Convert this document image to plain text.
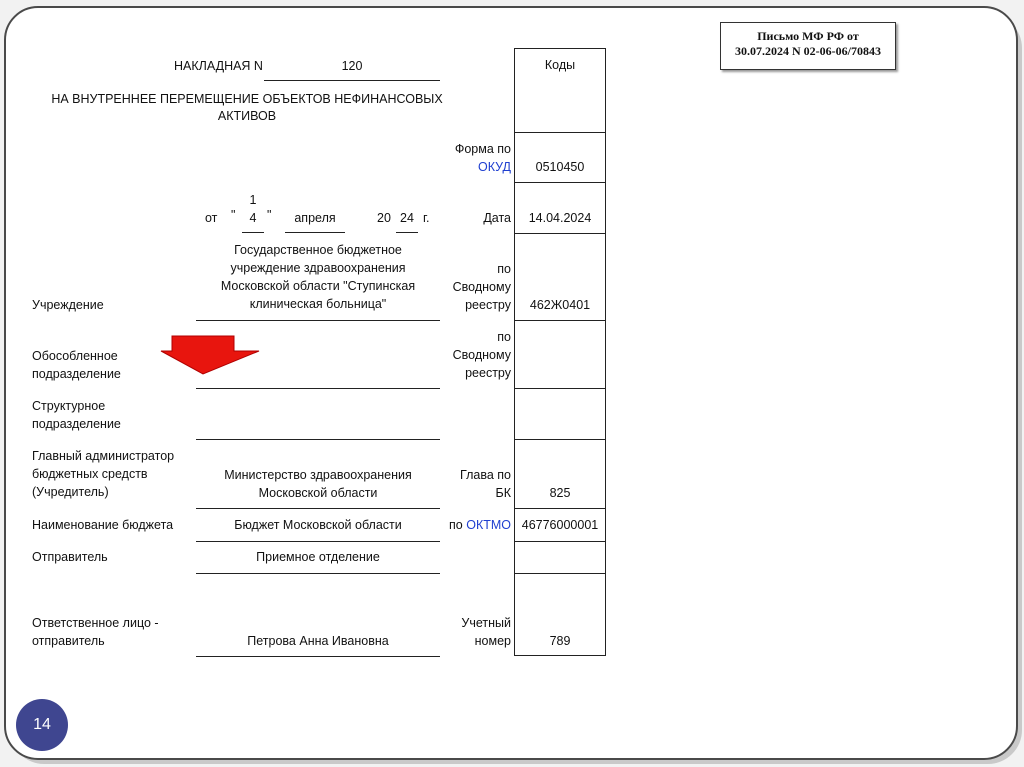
Письмо МФ РФ от
30.07.2024 N 02-06-06/70843
НАКЛАДНАЯ N	120
НА ВНУТРЕННЕЕ ПЕРЕМЕЩЕНИЕ ОБЪЕКТОВ НЕФИНАНСОВЫХ
АКТИВОВ
Коды
Форма по
ОКУД	0510450
от "
1
4 "	апреля	20 24 г.	Дата	14.04.2024
Учреждение
Государственное бюджетное
учреждение здравоохранения
Московской области "Ступинская
клиническая больница"
по
Сводному
реестру	462Ж0401
Обособленное
подразделение
по
Сводному
реестру
Структурное
подразделение
Главный администратор
бюджетных средств
(Учредитель)
Министерство здравоохранения
Московской области
Глава по
БК	825
Наименование бюджета	Бюджет Московской области	по ОКТМО 46776000001
Отправитель	Приемное отделение
Ответственное лицо -
отправитель	Петрова Анна Ивановна
Учетный
номер	789
14
